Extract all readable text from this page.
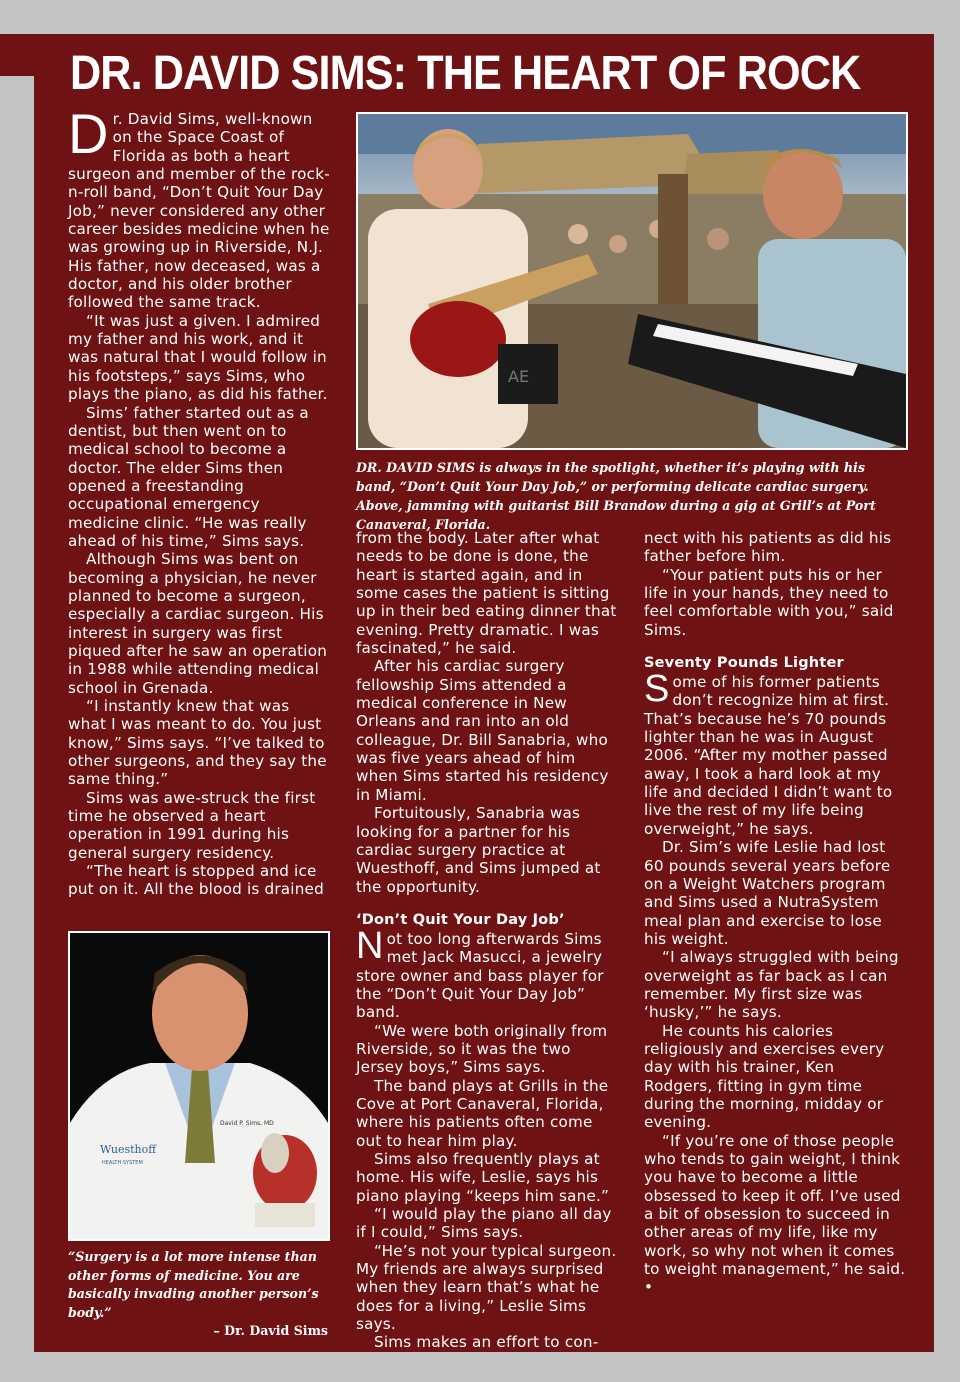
DR. DAVID SIMS: THE HEART OF ROCK

Dr. David Sims, well-known on the Space Coast of Florida as both a heart surgeon and member of the rock-n-roll band, “Don’t Quit Your Day Job,” never considered any other career besides medicine when he was growing up in Riverside, N.J. His father, now deceased, was a doctor, and his older brother followed the same track.

“It was just a given. I admired my father and his work, and it was natural that I would follow in his footsteps,” says Sims, who plays the piano, as did his father.

Sims’ father started out as a dentist, but then went on to medical school to become a doctor. The elder Sims then opened a freestanding occupational emergency medicine clinic. “He was really ahead of his time,” Sims says.

Although Sims was bent on becoming a physician, he never planned to become a surgeon, especially a cardiac surgeon. His interest in surgery was first piqued after he saw an operation in 1988 while attending medical school in Grenada.

“I instantly knew that was what I was meant to do. You just know,” Sims says. “I’ve talked to other surgeons, and they say the same thing.”

Sims was awe-struck the first time he observed a heart operation in 1991 during his general surgery residency.

“The heart is stopped and ice put on it. All the blood is drained

AE
DR. DAVID SIMS is always in the spotlight, whether it’s playing with his band, “Don’t Quit Your Day Job,” or performing delicate cardiac surgery. Above, jamming with guitarist Bill Brandow during a gig at Grill’s at Port Canaveral, Florida.

from the body. Later after what needs to be done is done, the heart is started again, and in some cases the patient is sitting up in their bed eating dinner that evening. Pretty dramatic. I was fascinated,” he said.

After his cardiac surgery fellowship Sims attended a medical conference in New Orleans and ran into an old colleague, Dr. Bill Sanabria, who was five years ahead of him when Sims started his residency in Miami.

Fortuitously, Sanabria was looking for a partner for his cardiac surgery practice at Wuesthoff, and Sims jumped at the opportunity.

‘Don’t Quit Your Day Job’

Not too long afterwards Sims met Jack Masucci, a jewelry store owner and bass player for the “Don’t Quit Your Day Job” band.

“We were both originally from Riverside, so it was the two Jersey boys,” Sims says.

The band plays at Grills in the Cove at Port Canaveral, Florida, where his patients often come out to hear him play.

Sims also frequently plays at home. His wife, Leslie, says his piano playing “keeps him sane.”

“I would play the piano all day if I could,” Sims says.

“He’s not your typical surgeon. My friends are always surprised when they learn that’s what he does for a living,” Leslie Sims says.

Sims makes an effort to con-

nect with his patients as did his father before him.

“Your patient puts his or her life in your hands, they need to feel comfortable with you,” said Sims.

Seventy Pounds Lighter

Some of his former patients don’t recognize him at first. That’s because he’s 70 pounds lighter than he was in August 2006. “After my mother passed away, I took a hard look at my life and decided I didn’t want to live the rest of my life being overweight,” he says.

Dr. Sim’s wife Leslie had lost 60 pounds several years before on a Weight Watchers program and Sims used a NutraSystem meal plan and exercise to lose his weight.

“I always struggled with being overweight as far back as I can remember. My first size was ‘husky,’” he says.

He counts his calories religiously and exercises every day with his trainer, Ken Rodgers, fitting in gym time during the morning, midday or evening.

“If you’re one of those people who tends to gain weight, I think you have to become a little obsessed to keep it off. I’ve used a bit of obsession to succeed in other areas of my life, like my work, so why not when it comes to weight management,” he said. •

Wuesthoff
HEALTH SYSTEM
David P. Sims, MD
“Surgery is a lot more intense than other forms of medicine. You are basically invading another person’s body.”
– Dr. David Sims
